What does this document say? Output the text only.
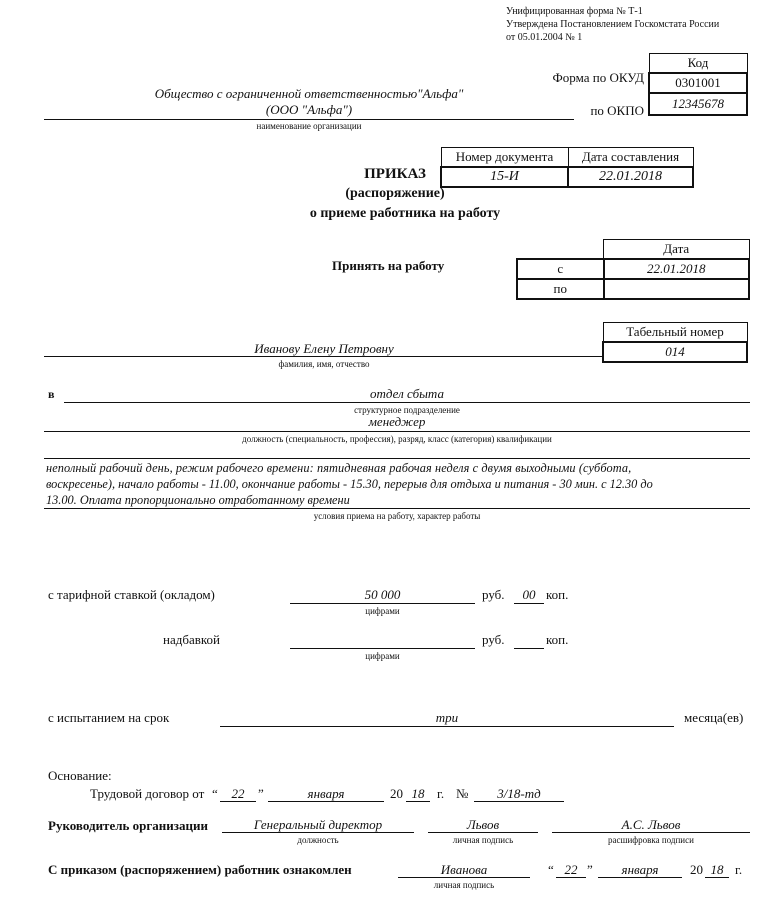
Унифицированная форма № Т-1
Утверждена Постановлением Госкомстата России
от 05.01.2004 № 1
Код
0301001
12345678
Форма по ОКУД
по ОКПО
Общество с ограниченной ответственностью"Альфа"
(ООО "Альфа")
наименование организации
ПРИКАЗ
(распоряжение)
о приеме работника на работу
Номер документа	Дата составления
15-И	22.01.2018
Принять на работу
	Дата
с	22.01.2018
по	
Табельный номер
014
Иванову Елену Петровну
фамилия, имя, отчество
в	отдел сбыта
структурное подразделение
менеджер
должность (специальность, профессия), разряд, класс (категория) квалификации
неполный рабочий день, режим рабочего времени: пятидневная рабочая неделя с двумя выходными (суббота,
воскресенье), начало работы - 11.00, окончание работы - 15.30, перерыв для отдыха и питания - 30 мин. с 12.30 до
13.00. Оплата пропорционально отработанному времени
условия приема на работу, характер работы
с тарифной ставкой (окладом)	50 000
цифрами
руб.	00 коп.
надбавкой
цифрами
руб.	коп.
с испытанием на срок	три	месяца(ев)
Основание:
Трудовой договор от “	22	”	января	20 18 г. №	3/18-тд
Руководитель организации	Генеральный директор
должность
Львов
личная подпись
А.С. Львов
расшифровка подписи
С приказом (распоряжением) работник ознакомлен	Иванова
личная подпись
“ 22 ”	января	20 18 г.
